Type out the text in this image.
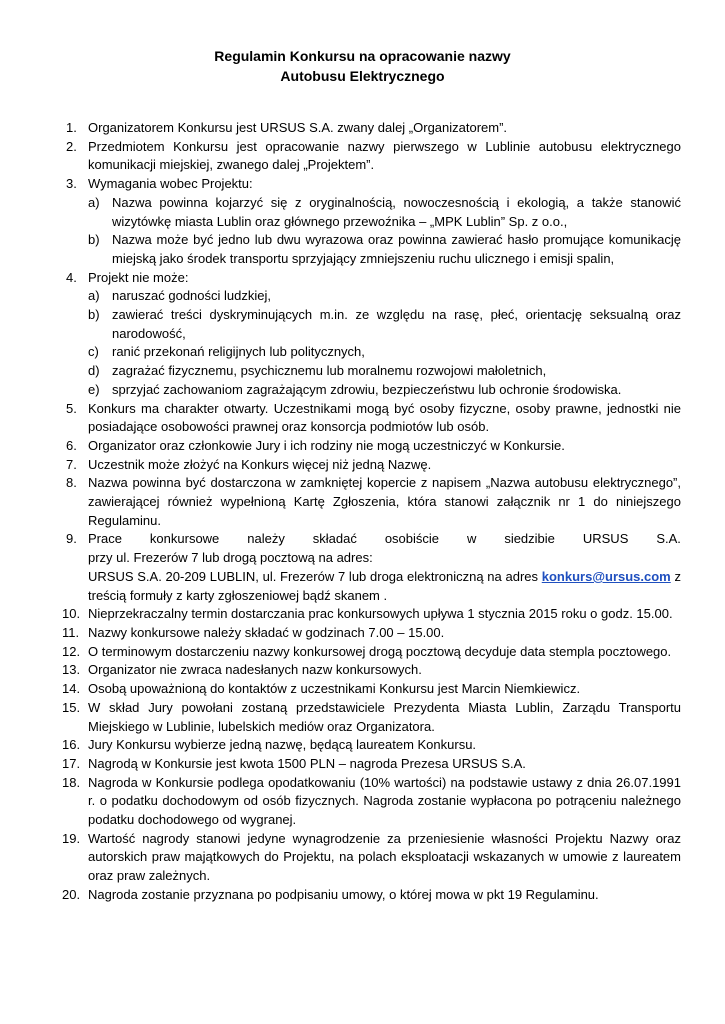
Regulamin Konkursu na opracowanie nazwy
Autobusu Elektrycznego
1. Organizatorem Konkursu jest URSUS S.A. zwany dalej „Organizatorem”.
2. Przedmiotem Konkursu jest opracowanie nazwy pierwszego w Lublinie autobusu elektrycznego komunikacji miejskiej, zwanego dalej „Projektem”.
3. Wymagania wobec Projektu:
a) Nazwa powinna kojarzyć się z oryginalnością, nowoczesnością i ekologią, a także stanowić wizytówkę miasta Lublin oraz głównego przewoźnika – „MPK Lublin” Sp. z o.o.,
b) Nazwa może być jedno lub dwu wyrazowa oraz powinna zawierać hasło promujące komunikację miejską jako środek transportu sprzyjający zmniejszeniu ruchu ulicznego i emisji spalin,
4. Projekt nie może:
a) naruszać godności ludzkiej,
b) zawierać treści dyskryminujących m.in. ze względu na rasę, płeć, orientację seksualną oraz narodowość,
c) ranić przekonań religijnych lub politycznych,
d) zagrażać fizycznemu, psychicznemu lub moralnemu rozwojowi małoletnich,
e) sprzyjać zachowaniom zagrażającym zdrowiu, bezpieczeństwu lub ochronie środowiska.
5. Konkurs ma charakter otwarty. Uczestnikami mogą być osoby fizyczne, osoby prawne, jednostki nie posiadające osobowości prawnej oraz konsorcja podmiotów lub osób.
6. Organizator oraz członkowie Jury i ich rodziny nie mogą uczestniczyć w Konkursie.
7. Uczestnik może złożyć na Konkurs więcej niż jedną Nazwę.
8. Nazwa powinna być dostarczona w zamkniętej kopercie z napisem „Nazwa autobusu elektrycznego”, zawierającej również wypełnioną Kartę Zgłoszenia, która stanowi załącznik nr 1 do niniejszego Regulaminu.
9. Prace konkursowe należy składać osobiście w siedzibie URSUS S.A.
przy ul. Frezerów 7 lub drogą pocztową na adres:
URSUS S.A. 20-209 LUBLIN, ul. Frezerów 7 lub droga elektroniczną na adres konkurs@ursus.com z treścią formuły z karty zgłoszeniowej bądź skanem .
10. Nieprzekraczalny termin dostarczania prac konkursowych upływa 1 stycznia 2015 roku o godz. 15.00.
11. Nazwy konkursowe należy składać w godzinach 7.00 – 15.00.
12. O terminowym dostarczeniu nazwy konkursowej drogą pocztową decyduje data stempla pocztowego.
13. Organizator nie zwraca nadesłanych nazw konkursowych.
14. Osobą upoważnioną do kontaktów z uczestnikami Konkursu jest Marcin Niemkiewicz.
15. W skład Jury powołani zostaną przedstawiciele Prezydenta Miasta Lublin, Zarządu Transportu Miejskiego w Lublinie, lubelskich mediów oraz Organizatora.
16. Jury Konkursu wybierze jedną nazwę, będącą laureatem Konkursu.
17. Nagrodą w Konkursie jest kwota 1500 PLN – nagroda Prezesa URSUS S.A.
18. Nagroda w Konkursie podlega opodatkowaniu (10% wartości) na podstawie ustawy z dnia 26.07.1991 r. o podatku dochodowym od osób fizycznych. Nagroda zostanie wypłacona po potrąceniu należnego podatku dochodowego od wygranej.
19. Wartość nagrody stanowi jedyne wynagrodzenie za przeniesienie własności Projektu Nazwy oraz autorskich praw majątkowych do Projektu, na polach eksploatacji wskazanych w umowie z laureatem oraz praw zależnych.
20. Nagroda zostanie przyznana po podpisaniu umowy, o której mowa w pkt 19 Regulaminu.
